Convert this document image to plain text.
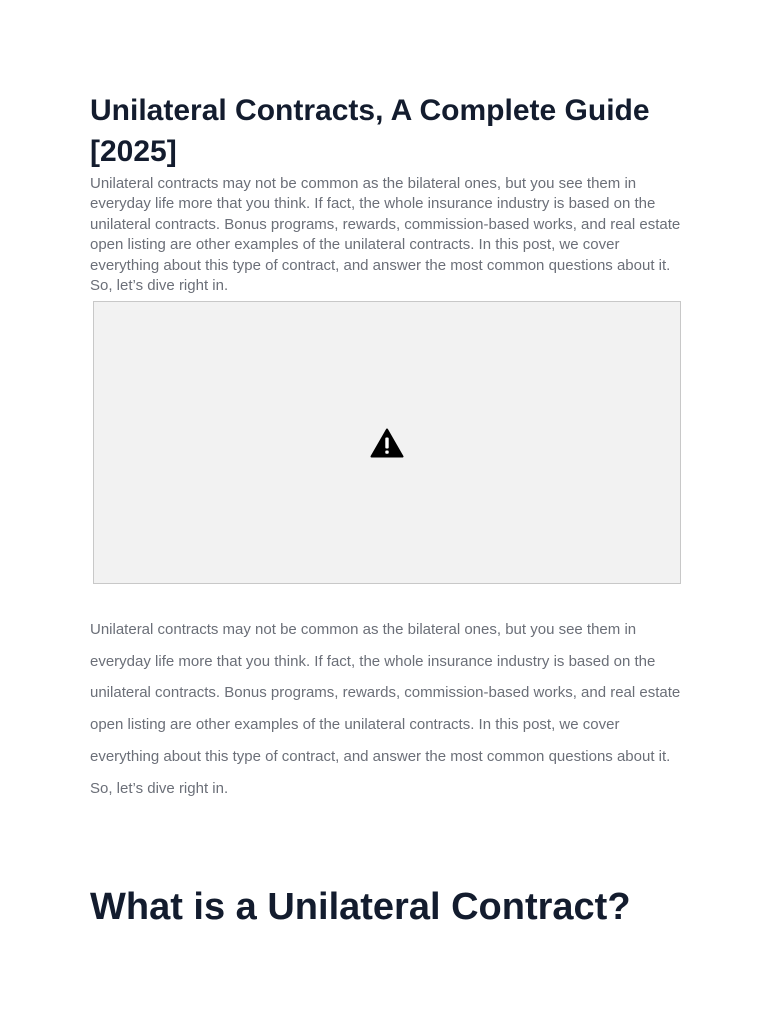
Unilateral Contracts, A Complete Guide [2025]

Unilateral contracts may not be common as the bilateral ones, but you see them in everyday life more that you think. If fact, the whole insurance industry is based on the unilateral contracts. Bonus programs, rewards, commission-based works, and real estate open listing are other examples of the unilateral contracts. In this post, we cover everything about this type of contract, and answer the most common questions about it. So, let’s dive right in.

Unilateral contracts may not be common as the bilateral ones, but you see them in everyday life more that you think. If fact, the whole insurance industry is based on the unilateral contracts. Bonus programs, rewards, commission-based works, and real estate open listing are other examples of the unilateral contracts. In this post, we cover everything about this type of contract, and answer the most common questions about it. So, let’s dive right in.

What is a Unilateral Contract?
